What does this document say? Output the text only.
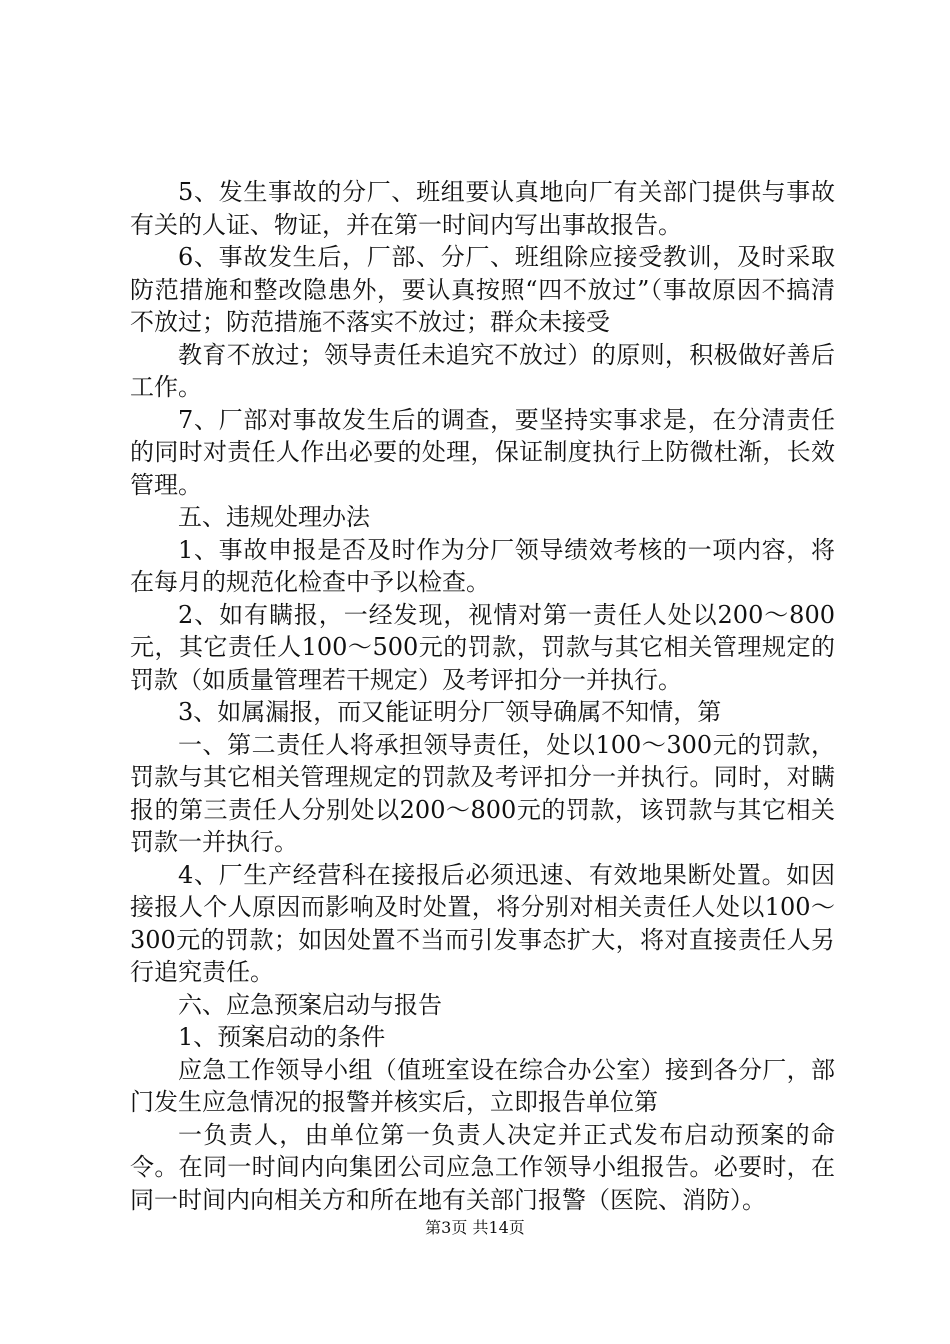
5、发生事故的分厂、班组要认真地向厂有关部门提供与事故有关的人证、物证，并在第一时间内写出事故报告。

6、事故发生后，厂部、分厂、班组除应接受教训，及时采取防范措施和整改隐患外，要认真按照“四不放过”（事故原因不搞清不放过；防范措施不落实不放过；群众未接受

教育不放过；领导责任未追究不放过）的原则，积极做好善后工作。

7、厂部对事故发生后的调查，要坚持实事求是，在分清责任的同时对责任人作出必要的处理，保证制度执行上防微杜渐，长效管理。

五、违规处理办法

1、事故申报是否及时作为分厂领导绩效考核的一项内容，将在每月的规范化检查中予以检查。

2、如有瞒报，一经发现，视情对第一责任人处以200～800元，其它责任人100～500元的罚款，罚款与其它相关管理规定的罚款（如质量管理若干规定）及考评扣分一并执行。

3、如属漏报，而又能证明分厂领导确属不知情，第

一、第二责任人将承担领导责任，处以100～300元的罚款，罚款与其它相关管理规定的罚款及考评扣分一并执行。同时，对瞒报的第三责任人分别处以200～800元的罚款，该罚款与其它相关罚款一并执行。

4、厂生产经营科在接报后必须迅速、有效地果断处置。如因接报人个人原因而影响及时处置，将分别对相关责任人处以100～300元的罚款；如因处置不当而引发事态扩大，将对直接责任人另行追究责任。

六、应急预案启动与报告

1、预案启动的条件

应急工作领导小组（值班室设在综合办公室）接到各分厂，部门发生应急情况的报警并核实后，立即报告单位第

一负责人，由单位第一负责人决定并正式发布启动预案的命令。在同一时间内向集团公司应急工作领导小组报告。必要时，在同一时间内向相关方和所在地有关部门报警（医院、消防）。

第3页 共14页
